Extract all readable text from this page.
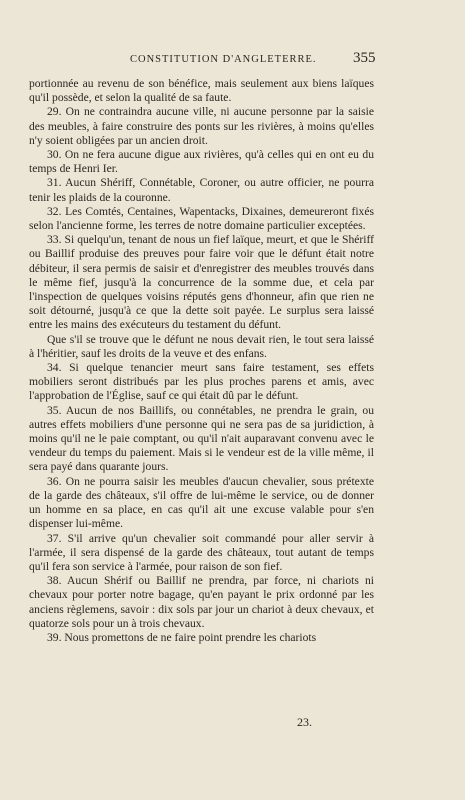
CONSTITUTION D'ANGLETERRE. 355

portionnée au revenu de son bénéfice, mais seulement aux biens laïques qu'il possède, et selon la qualité de sa faute.

29. On ne contraindra aucune ville, ni aucune personne par la saisie des meubles, à faire construire des ponts sur les rivières, à moins qu'elles n'y soient obligées par un ancien droit.

30. On ne fera aucune digue aux rivières, qu'à celles qui en ont eu du temps de Henri Ier.

31. Aucun Shériff, Connétable, Coroner, ou autre officier, ne pourra tenir les plaids de la couronne.

32. Les Comtés, Centaines, Wapentacks, Dixaines, demeureront fixés selon l'ancienne forme, les terres de notre domaine particulier exceptées.

33. Si quelqu'un, tenant de nous un fief laïque, meurt, et que le Shériff ou Baillif produise des preuves pour faire voir que le défunt était notre débiteur, il sera permis de saisir et d'enregistrer des meubles trouvés dans le même fief, jusqu'à la concurrence de la somme due, et cela par l'inspection de quelques voisins réputés gens d'honneur, afin que rien ne soit détourné, jusqu'à ce que la dette soit payée. Le surplus sera laissé entre les mains des exécuteurs du testament du défunt.

Que s'il se trouve que le défunt ne nous devait rien, le tout sera laissé à l'héritier, sauf les droits de la veuve et des enfans.

34. Si quelque tenancier meurt sans faire testament, ses effets mobiliers seront distribués par les plus proches parens et amis, avec l'approbation de l'Église, sauf ce qui était dû par le défunt.

35. Aucun de nos Baillifs, ou connétables, ne prendra le grain, ou autres effets mobiliers d'une personne qui ne sera pas de sa juridiction, à moins qu'il ne le paie comptant, ou qu'il n'ait auparavant convenu avec le vendeur du temps du paiement. Mais si le vendeur est de la ville même, il sera payé dans quarante jours.

36. On ne pourra saisir les meubles d'aucun chevalier, sous prétexte de la garde des châteaux, s'il offre de lui-même le service, ou de donner un homme en sa place, en cas qu'il ait une excuse valable pour s'en dispenser lui-même.

37. S'il arrive qu'un chevalier soit commandé pour aller servir à l'armée, il sera dispensé de la garde des châteaux, tout autant de temps qu'il fera son service à l'armée, pour raison de son fief.

38. Aucun Shérif ou Baillif ne prendra, par force, ni chariots ni chevaux pour porter notre bagage, qu'en payant le prix ordonné par les anciens règlemens, savoir : dix sols par jour un chariot à deux chevaux, et quatorze sols pour un à trois chevaux.

39. Nous promettons de ne faire point prendre les chariots

23.
